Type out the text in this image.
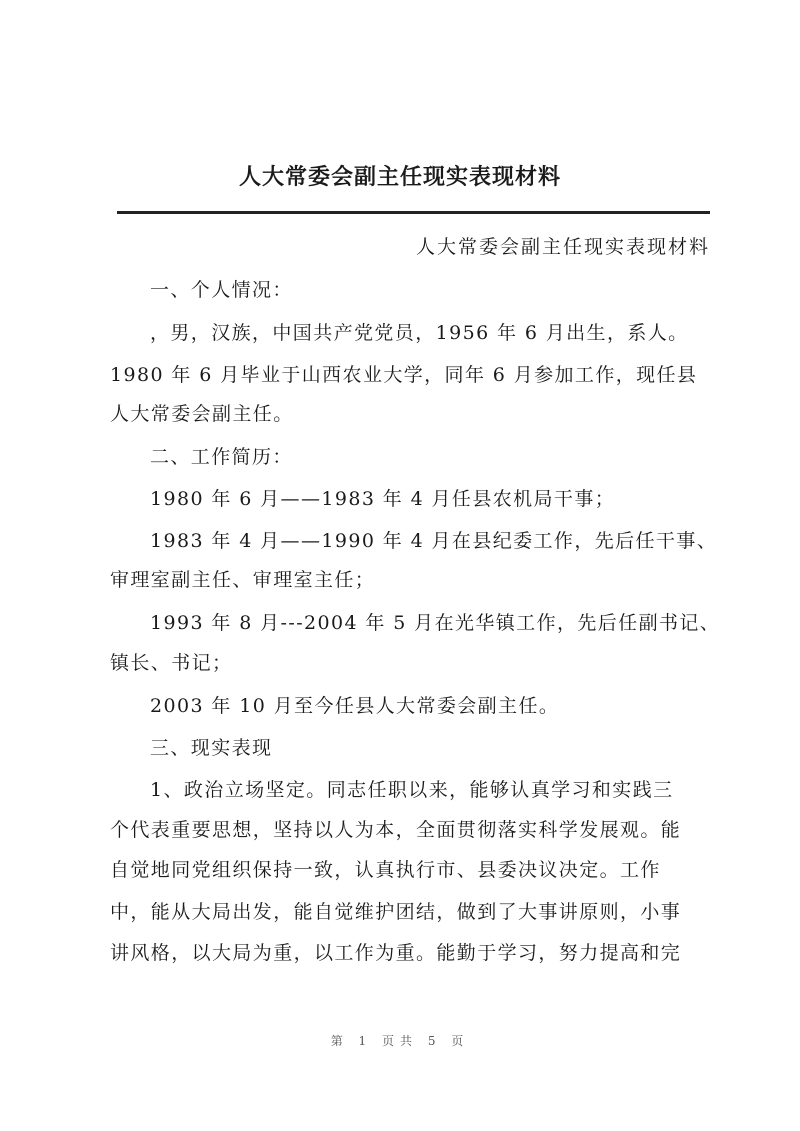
人大常委会副主任现实表现材料
人大常委会副主任现实表现材料
一、个人情况：
，男，汉族，中国共产党党员，1956 年 6 月出生，系人。
1980 年 6 月毕业于山西农业大学，同年 6 月参加工作，现任县
人大常委会副主任。
二、工作简历：
1980 年 6 月——1983 年 4 月任县农机局干事；
1983 年 4 月——1990 年 4 月在县纪委工作，先后任干事、
审理室副主任、审理室主任；
1993 年 8 月---2004 年 5 月在光华镇工作，先后任副书记、
镇长、书记；
2003 年 10 月至今任县人大常委会副主任。
三、现实表现
1、政治立场坚定。同志任职以来，能够认真学习和实践三
个代表重要思想，坚持以人为本，全面贯彻落实科学发展观。能
自觉地同党组织保持一致，认真执行市、县委决议决定。工作
中，能从大局出发，能自觉维护团结，做到了大事讲原则，小事
讲风格，以大局为重，以工作为重。能勤于学习，努力提高和完
第 1 页共 5 页
